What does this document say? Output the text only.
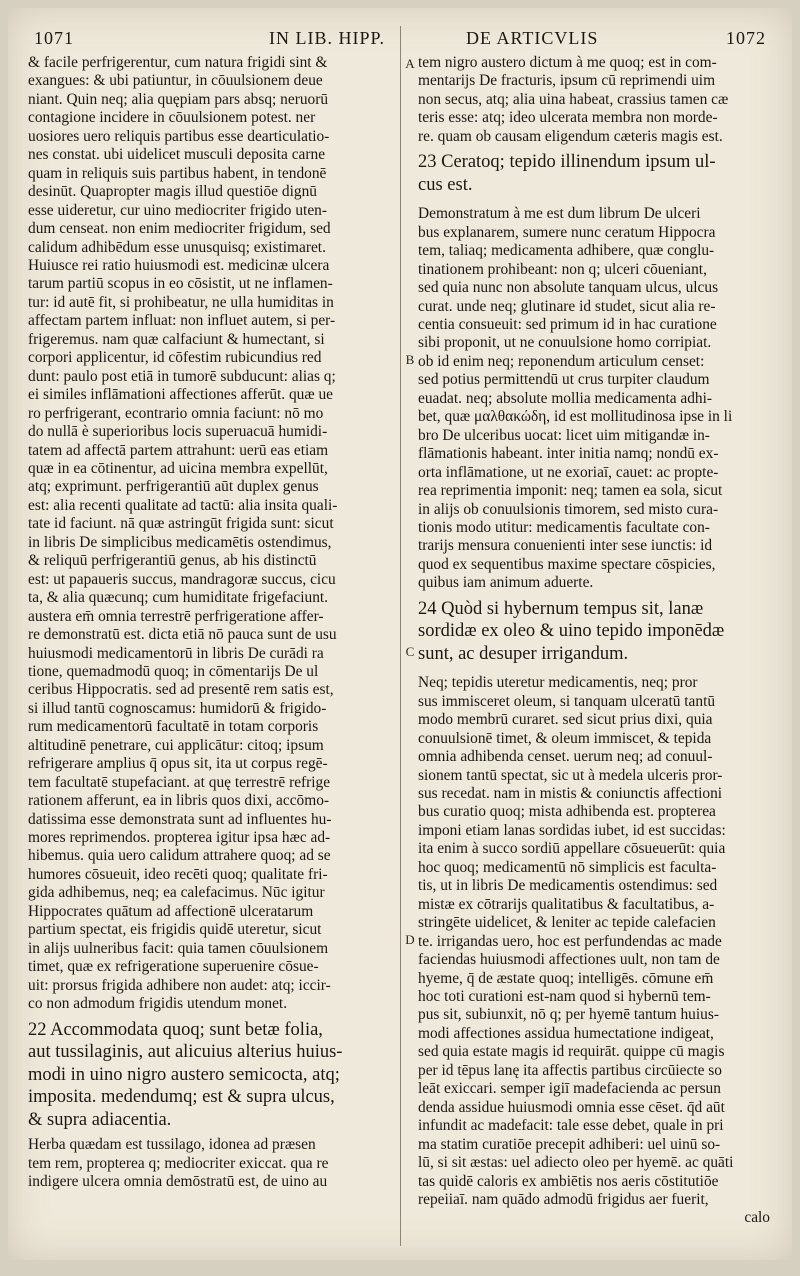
1071	IN LIB. HIPP.	DE ARTICVLIS	1072
A
B
C
D
& facile perfrigerentur, cum natura frigidi sint &
exangues: & ubi patiuntur, in cōuulsionem deue
niant. Quin neq; alia quępiam pars absq; neruorū
contagione incidere in cōuulsionem potest. ner
uosiores uero reliquis partibus esse dearticulatio-
nes constat. ubi uidelicet musculi deposita carne
quam in reliquis suis partibus habent, in tendonē
desinūt. Quapropter magis illud questiōe dignū
esse uideretur, cur uino mediocriter frigido uten-
dum censeat. non enim mediocriter frigidum, sed
calidum adhibēdum esse unusquisq; existimaret.
Huiusce rei ratio huiusmodi est. medicinæ ulcera
tarum partiū scopus in eo cōsistit, ut ne inflamen-
tur: id autē fit, si prohibeatur, ne ulla humiditas in
affectam partem influat: non influet autem, si per-
frigeremus. nam quæ calfaciunt & humectant, si
corpori applicentur, id cōfestim rubicundius red
dunt: paulo post etiā in tumorē subducunt: alias q;
ei similes inflāmationi affectiones afferūt. quæ ue
ro perfrigerant, econtrario omnia faciunt: nō mo
do nullā è superioribus locis superuacuā humidi-
tatem ad affectā partem attrahunt: uerū eas etiam
quæ in ea cōtinentur, ad uicina membra expellūt,
atq; exprimunt. perfrigerantiū aūt duplex genus
est: alia recenti qualitate ad tactū: alia insita quali-
tate id faciunt. nā quæ astringūt frigida sunt: sicut
in libris De simplicibus medicamētis ostendimus,
& reliquū perfrigerantiū genus, ab his distinctū
est: ut papaueris succus, mandragoræ succus, cicu
ta, & alia quæcunq; cum humiditate frigefaciunt.
austera em̄ omnia terrestrē perfrigeratione affer-
re demonstratū est. dicta etiā nō pauca sunt de usu
huiusmodi medicamentorū in libris De curādi ra
tione, quemadmodū quoq; in cōmentarijs De ul
ceribus Hippocratis. sed ad presentē rem satis est,
si illud tantū cognoscamus: humidorū & frigido-
rum medicamentorū facultatē in totam corporis
altitudinē penetrare, cui applicātur: citoq; ipsum
refrigerare amplius q̄ opus sit, ita ut corpus regē-
tem facultatē stupefaciant. at quę terrestrē refrige
rationem afferunt, ea in libris quos dixi, accōmo-
datissima esse demonstrata sunt ad influentes hu-
mores reprimendos. propterea igitur ipsa hæc ad-
hibemus. quia uero calidum attrahere quoq; ad se
humores cōsueuit, ideo recēti quoq; qualitate fri-
gida adhibemus, neq; ea calefacimus. Nūc igitur
Hippocrates quātum ad affectionē ulceratarum
partium spectat, eis frigidis quidē uteretur, sicut
in alijs uulneribus facit: quia tamen cōuulsionem
timet, quæ ex refrigeratione superuenire cōsue-
uit: prorsus frigida adhibere non audet: atq; iccir-
co non admodum frigidis utendum monet.
22 Accommodata quoq; sunt betæ folia,
aut tussilaginis, aut alicuius alterius huius-
modi in uino nigro austero semicocta, atq;
imposita. medendumq; est & supra ulcus,
& supra adiacentia.
Herba quædam est tussilago, idonea ad præsen
tem rem, propterea q; mediocriter exiccat. qua re
indigere ulcera omnia demōstratū est, de uino au
tem nigro austero dictum à me quoq; est in com-
mentarijs De fracturis, ipsum cū reprimendi uim
non secus, atq; alia uina habeat, crassius tamen cæ
teris esse: atq; ideo ulcerata membra non morde-
re. quam ob causam eligendum cæteris magis est.
23 Ceratoq; tepido illinendum ipsum ul-
cus est.
Demonstratum à me est dum librum De ulceri
bus explanarem, sumere nunc ceratum Hippocra
tem, taliaq; medicamenta adhibere, quæ conglu-
tinationem prohibeant: non q; ulceri cōueniant,
sed quia nunc non absolute tanquam ulcus, ulcus
curat. unde neq; glutinare id studet, sicut alia re-
centia consueuit: sed primum id in hac curatione
sibi proponit, ut ne conuulsione homo corripiat.
ob id enim neq; reponendum articulum censet:
sed potius permittendū ut crus turpiter claudum
euadat. neq; absolute mollia medicamenta adhi-
bet, quæ μαλθακώδη, id est mollitudinosa ipse in li
bro De ulceribus uocat: licet uim mitigandæ in-
flāmationis habeant. inter initia namq; nondū ex-
orta inflāmatione, ut ne exoriaī, cauet: ac propte-
rea reprimentia imponit: neq; tamen ea sola, sicut
in alijs ob conuulsionis timorem, sed misto cura-
tionis modo utitur: medicamentis facultate con-
trarijs mensura conuenienti inter sese iunctis: id
quod ex sequentibus maxime spectare cōspicies,
quibus iam animum aduerte.
24 Quòd si hybernum tempus sit, lanæ
sordidæ ex oleo & uino tepido imponēdæ
sunt, ac desuper irrigandum.
Neq; tepidis uteretur medicamentis, neq; pror
sus immisceret oleum, si tanquam ulceratū tantū
modo membrū curaret. sed sicut prius dixi, quia
conuulsionē timet, & oleum immiscet, & tepida
omnia adhibenda censet. uerum neq; ad conuul-
sionem tantū spectat, sic ut à medela ulceris pror-
sus recedat. nam in mistis & coniunctis affectioni
bus curatio quoq; mista adhibenda est. propterea
imponi etiam lanas sordidas iubet, id est succidas:
ita enim à succo sordiū appellare cōsueuerūt: quia
hoc quoq; medicamentū nō simplicis est faculta-
tis, ut in libris De medicamentis ostendimus: sed
mistæ ex cōtrarijs qualitatibus & facultatibus, a-
stringēte uidelicet, & leniter ac tepide calefacien
te. irrigandas uero, hoc est perfundendas ac made
faciendas huiusmodi affectiones uult, non tam de
hyeme, q̄ de æstate quoq; intelligēs. cōmune em̄
hoc toti curationi est-nam quod si hybernū tem-
pus sit, subiunxit, nō q; per hyemē tantum huius-
modi affectiones assidua humectatione indigeat,
sed quia estate magis id requirāt. quippe cū magis
per id tēpus lanę ita affectis partibus circūiecte so
leāt exiccari. semper igiī madefacienda ac persun
denda assidue huiusmodi omnia esse cēset. q̄d aūt
infundit ac madefacit: tale esse debet, quale in pri
ma statim curatiōe precepit adhiberi: uel uinū so-
lū, si sit æstas: uel adiecto oleo per hyemē. ac quāti
tas quidē caloris ex ambiētis nos aeris cōstitutiōe
repeiiaī. nam quādo admodū frigidus aer fuerit,
calo
